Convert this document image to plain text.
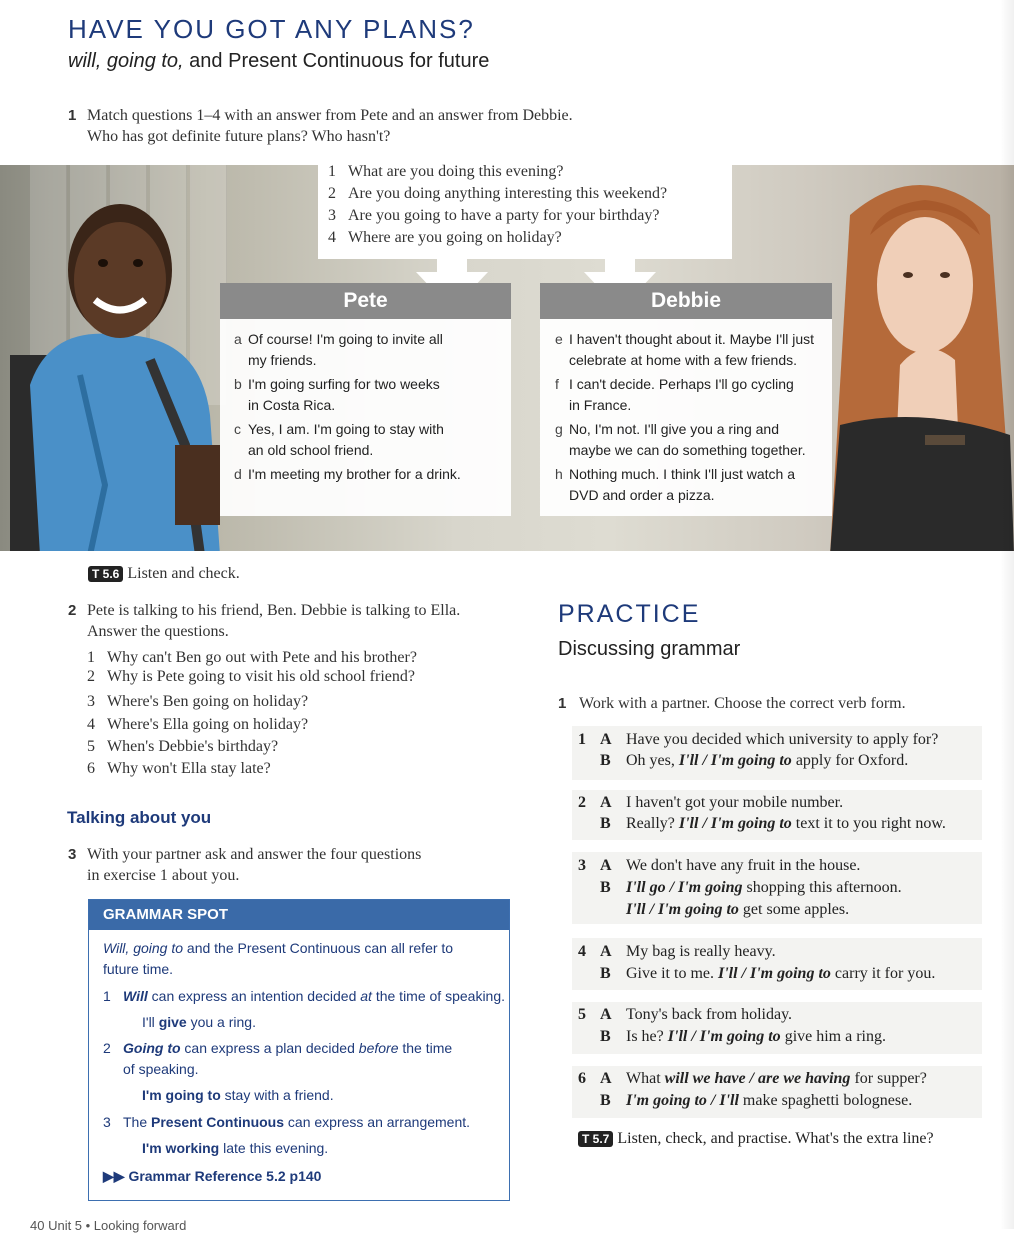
HAVE YOU GOT ANY PLANS?
will, going to, and Present Continuous for future
1 Match questions 1–4 with an answer from Pete and an answer from Debbie.
Who has got definite future plans? Who hasn't?
1 What are you doing this evening?
2 Are you doing anything interesting this weekend?
3 Are you going to have a party for your birthday?
4 Where are you going on holiday?
Pete
a Of course! I'm going to invite all
my friends.
b I'm going surfing for two weeks
in Costa Rica.
c Yes, I am. I'm going to stay with
an old school friend.
d I'm meeting my brother for a drink.
Debbie
e I haven't thought about it. Maybe I'll just
celebrate at home with a few friends.
f I can't decide. Perhaps I'll go cycling
in France.
g No, I'm not. I'll give you a ring and
maybe we can do something together.
h Nothing much. I think I'll just watch a
DVD and order a pizza.
T 5.6 Listen and check.
2 Pete is talking to his friend, Ben. Debbie is talking to Ella.
Answer the questions.
1 Why can't Ben go out with Pete and his brother?
2 Why is Pete going to visit his old school friend?
3 Where's Ben going on holiday?
4 Where's Ella going on holiday?
5 When's Debbie's birthday?
6 Why won't Ella stay late?
Talking about you
3 With your partner ask and answer the four questions
in exercise 1 about you.
GRAMMAR SPOT
Will, going to and the Present Continuous can all refer to
future time.
1 Will can express an intention decided at the time of speaking.
I'll give you a ring.
2 Going to can express a plan decided before the time
of speaking.
I'm going to stay with a friend.
3 The Present Continuous can express an arrangement.
I'm working late this evening.
▶▶ Grammar Reference 5.2 p140
PRACTICE
Discussing grammar
1 Work with a partner. Choose the correct verb form.
1 A Have you decided which university to apply for?
B Oh yes, I'll / I'm going to apply for Oxford.
2 A I haven't got your mobile number.
B Really? I'll / I'm going to text it to you right now.
3 A We don't have any fruit in the house.
B I'll go / I'm going shopping this afternoon.
I'll / I'm going to get some apples.
4 A My bag is really heavy.
B Give it to me. I'll / I'm going to carry it for you.
5 A Tony's back from holiday.
B Is he? I'll / I'm going to give him a ring.
6 A What will we have / are we having for supper?
B I'm going to / I'll make spaghetti bolognese.
T 5.7 Listen, check, and practise. What's the extra line?
40 Unit 5 • Looking forward
